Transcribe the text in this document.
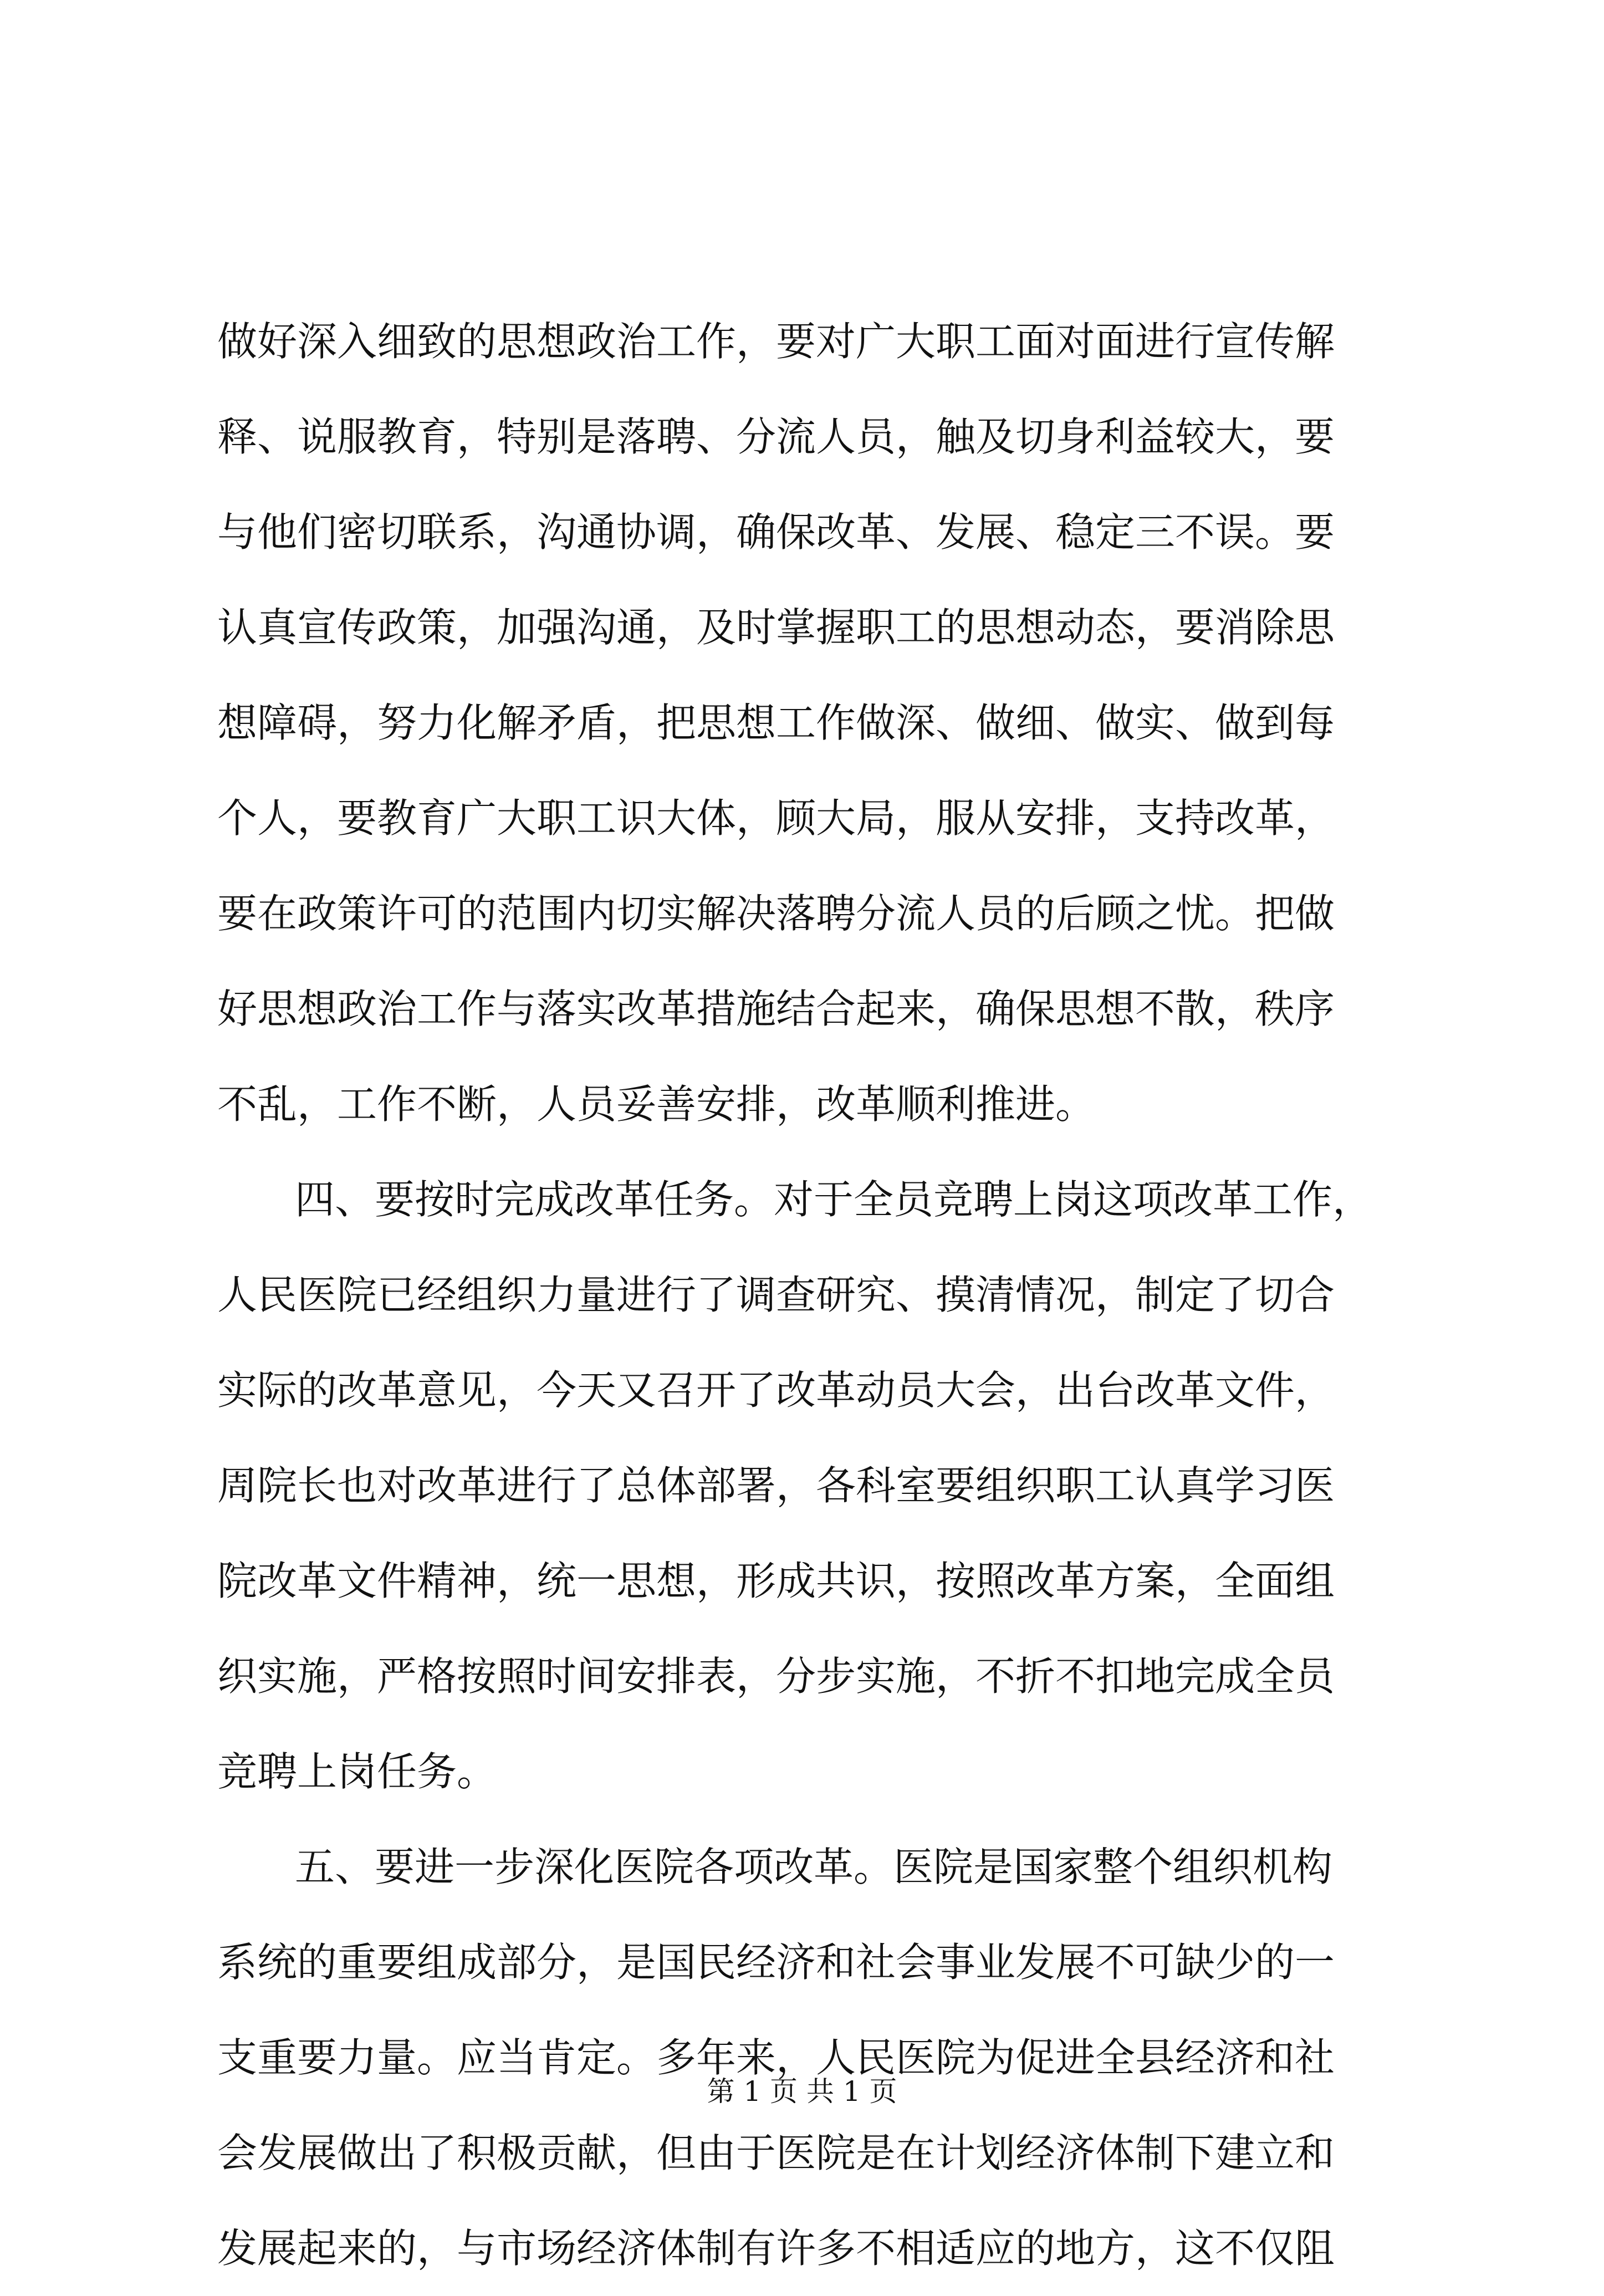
做好深入细致的思想政治工作，要对广大职工面对面进行宣传解
释、说服教育，特别是落聘、分流人员，触及切身利益较大，要
与他们密切联系，沟通协调，确保改革、发展、稳定三不误。要
认真宣传政策，加强沟通，及时掌握职工的思想动态，要消除思
想障碍，努力化解矛盾，把思想工作做深、做细、做实、做到每
个人，要教育广大职工识大体，顾大局，服从安排，支持改革，
要在政策许可的范围内切实解决落聘分流人员的后顾之忧。把做
好思想政治工作与落实改革措施结合起来，确保思想不散，秩序
不乱，工作不断，人员妥善安排，改革顺利推进。
四、要按时完成改革任务。对于全员竞聘上岗这项改革工作，
人民医院已经组织力量进行了调查研究、摸清情况，制定了切合
实际的改革意见，今天又召开了改革动员大会，出台改革文件，
周院长也对改革进行了总体部署，各科室要组织职工认真学习医
院改革文件精神，统一思想，形成共识，按照改革方案，全面组
织实施，严格按照时间安排表，分步实施，不折不扣地完成全员
竞聘上岗任务。
五、要进一步深化医院各项改革。医院是国家整个组织机构
系统的重要组成部分，是国民经济和社会事业发展不可缺少的一
支重要力量。应当肯定。多年来，人民医院为促进全县经济和社
会发展做出了积极贡献，但由于医院是在计划经济体制下建立和
发展起来的，与市场经济体制有许多不相适应的地方，这不仅阻
第 1 页 共 1 页
